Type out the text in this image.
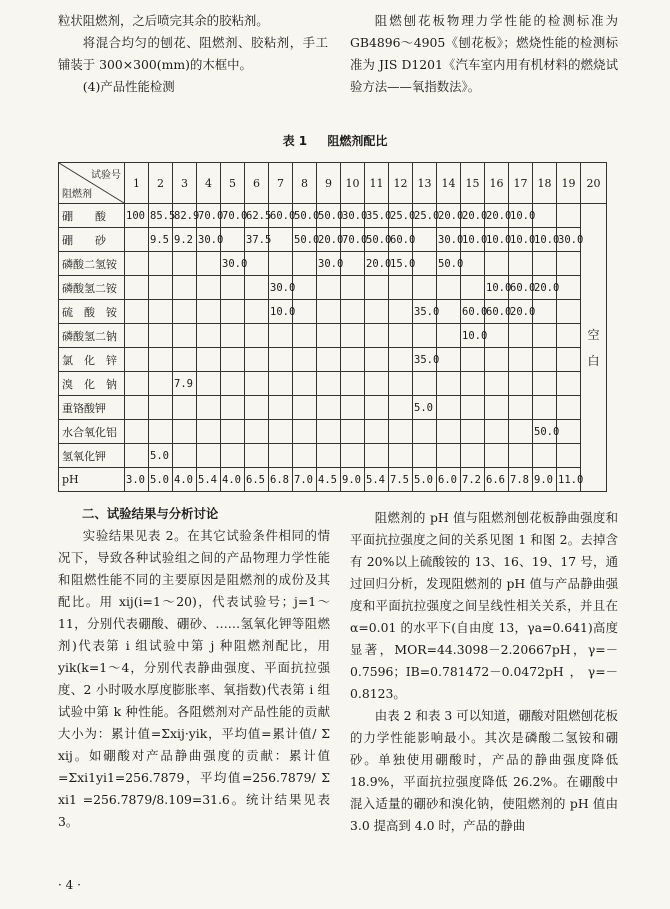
粒状阻燃剂，之后喷完其余的胶粘剂。

将混合均匀的刨花、阻燃剂、胶粘剂，手工铺装于 300×300(mm)的木框中。

(4)产品性能检测

阻燃刨花板物理力学性能的检测标准为 GB4896～4905《刨花板》；燃烧性能的检测标准为 JIS D1201《汽车室内用有机材料的燃烧试验方法——氧指数法》。

表 1 阻燃剂配比
试验号
阻燃剂	1	2	3	4	5	6	7	8	9	10	11	12	13	14	15	16	17	18	19	20
硼　　酸	100	85.5	82.9	70.0	70.0	62.5	60.0	50.0	50.0	30.0	35.0	25.0	25.0	20.0	20.0	20.0	10.0			空
白

硼　　砂		9.5	9.2	30.0		37.5		50.0	20.0	70.0	50.0	60.0		30.0	10.0	10.0	10.0	10.0	30.0	
磷酸二氢铵					30.0				30.0		20.0	15.0		50.0						
磷酸氢二铵							30.0									10.0	60.0	20.0		
硫　酸　铵							10.0						35.0		60.0	60.0	20.0			
磷酸氢二钠															10.0					
氯　化　锌													35.0							
溴　化　钠			7.9																	
重铬酸钾													5.0							
水合氧化铝																		50.0		
氢氧化钾		5.0																		
pH	3.0	5.0	4.0	5.4	4.0	6.5	6.8	7.0	4.5	9.0	5.4	7.5	5.0	6.0	7.2	6.6	7.8	9.0	11.0	

二、试验结果与分析讨论

实验结果见表 2。在其它试验条件相同的情况下，导致各种试验组之间的产品物理力学性能和阻燃性能不同的主要原因是阻燃剂的成份及其配比。用 xij(i=1～20)，代表试验号；j=1～11，分别代表硼酸、硼砂、……氢氧化钾等阻燃剂)代表第 i 组试验中第 j 种阻燃剂配比，用 yik(k=1～4，分别代表静曲强度、平面抗拉强度、2 小时吸水厚度膨胀率、氧指数)代表第 i 组试验中第 k 种性能。各阻燃剂对产品性能的贡献大小为：累计值=Σxij·yik，平均值=累计值/ Σ xij。如硼酸对产品静曲强度的贡献：累计值=Σxi1yi1=256.7879，平均值=256.7879/ Σ xi1 =256.7879/8.109=31.6。统计结果见表 3。

阻燃剂的 pH 值与阻燃剂刨花板静曲强度和平面抗拉强度之间的关系见图 1 和图 2。去掉含有 20%以上硫酸铵的 13、16、19、17 号，通过回归分析，发现阻燃剂的 pH 值与产品静曲强度和平面抗拉强度之间呈线性相关关系，并且在 α=0.01 的水平下(自由度 13，γa=0.641)高度显著，MOR=44.3098－2.20667pH，γ=－0.7596；IB=0.781472－0.0472pH，γ=－0.8123。

由表 2 和表 3 可以知道，硼酸对阻燃刨花板的力学性能影响最小。其次是磷酸二氢铵和硼砂。单独使用硼酸时，产品的静曲强度降低 18.9%，平面抗拉强度降低 26.2%。在硼酸中混入适量的硼砂和溴化钠，使阻燃剂的 pH 值由 3.0 提高到 4.0 时，产品的静曲

· 4 ·
